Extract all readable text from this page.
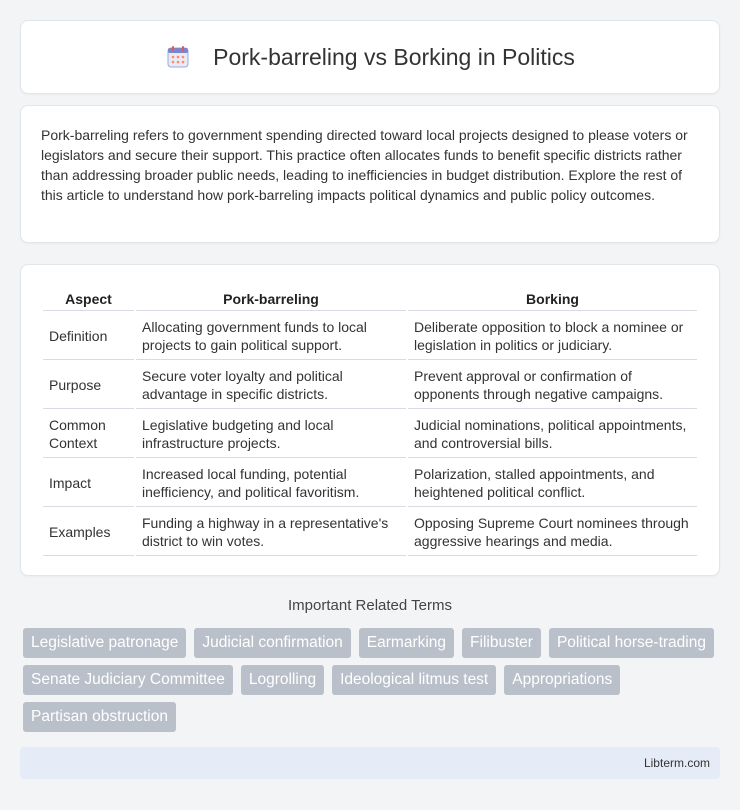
Pork-barreling vs Borking in Politics

Pork-barreling refers to government spending directed toward local projects designed to please voters or legislators and secure their support. This practice often allocates funds to benefit specific districts rather than addressing broader public needs, leading to inefficiencies in budget distribution. Explore the rest of this article to understand how pork-barreling impacts political dynamics and public policy outcomes.

Aspect	Pork-barreling	Borking
Definition	Allocating government funds to local projects to gain political support.	Deliberate opposition to block a nominee or legislation in politics or judiciary.
Purpose	Secure voter loyalty and political advantage in specific districts.	Prevent approval or confirmation of opponents through negative campaigns.
Common Context	Legislative budgeting and local infrastructure projects.	Judicial nominations, political appointments, and controversial bills.
Impact	Increased local funding, potential inefficiency, and political favoritism.	Polarization, stalled appointments, and heightened political conflict.
Examples	Funding a highway in a representative's district to win votes.	Opposing Supreme Court nominees through aggressive hearings and media.
Important Related Terms
Legislative patronage	Judicial confirmation	Earmarking	Filibuster	Political horse-trading
Senate Judiciary Committee	Logrolling	Ideological litmus test	Appropriations
Partisan obstruction
Libterm.com
